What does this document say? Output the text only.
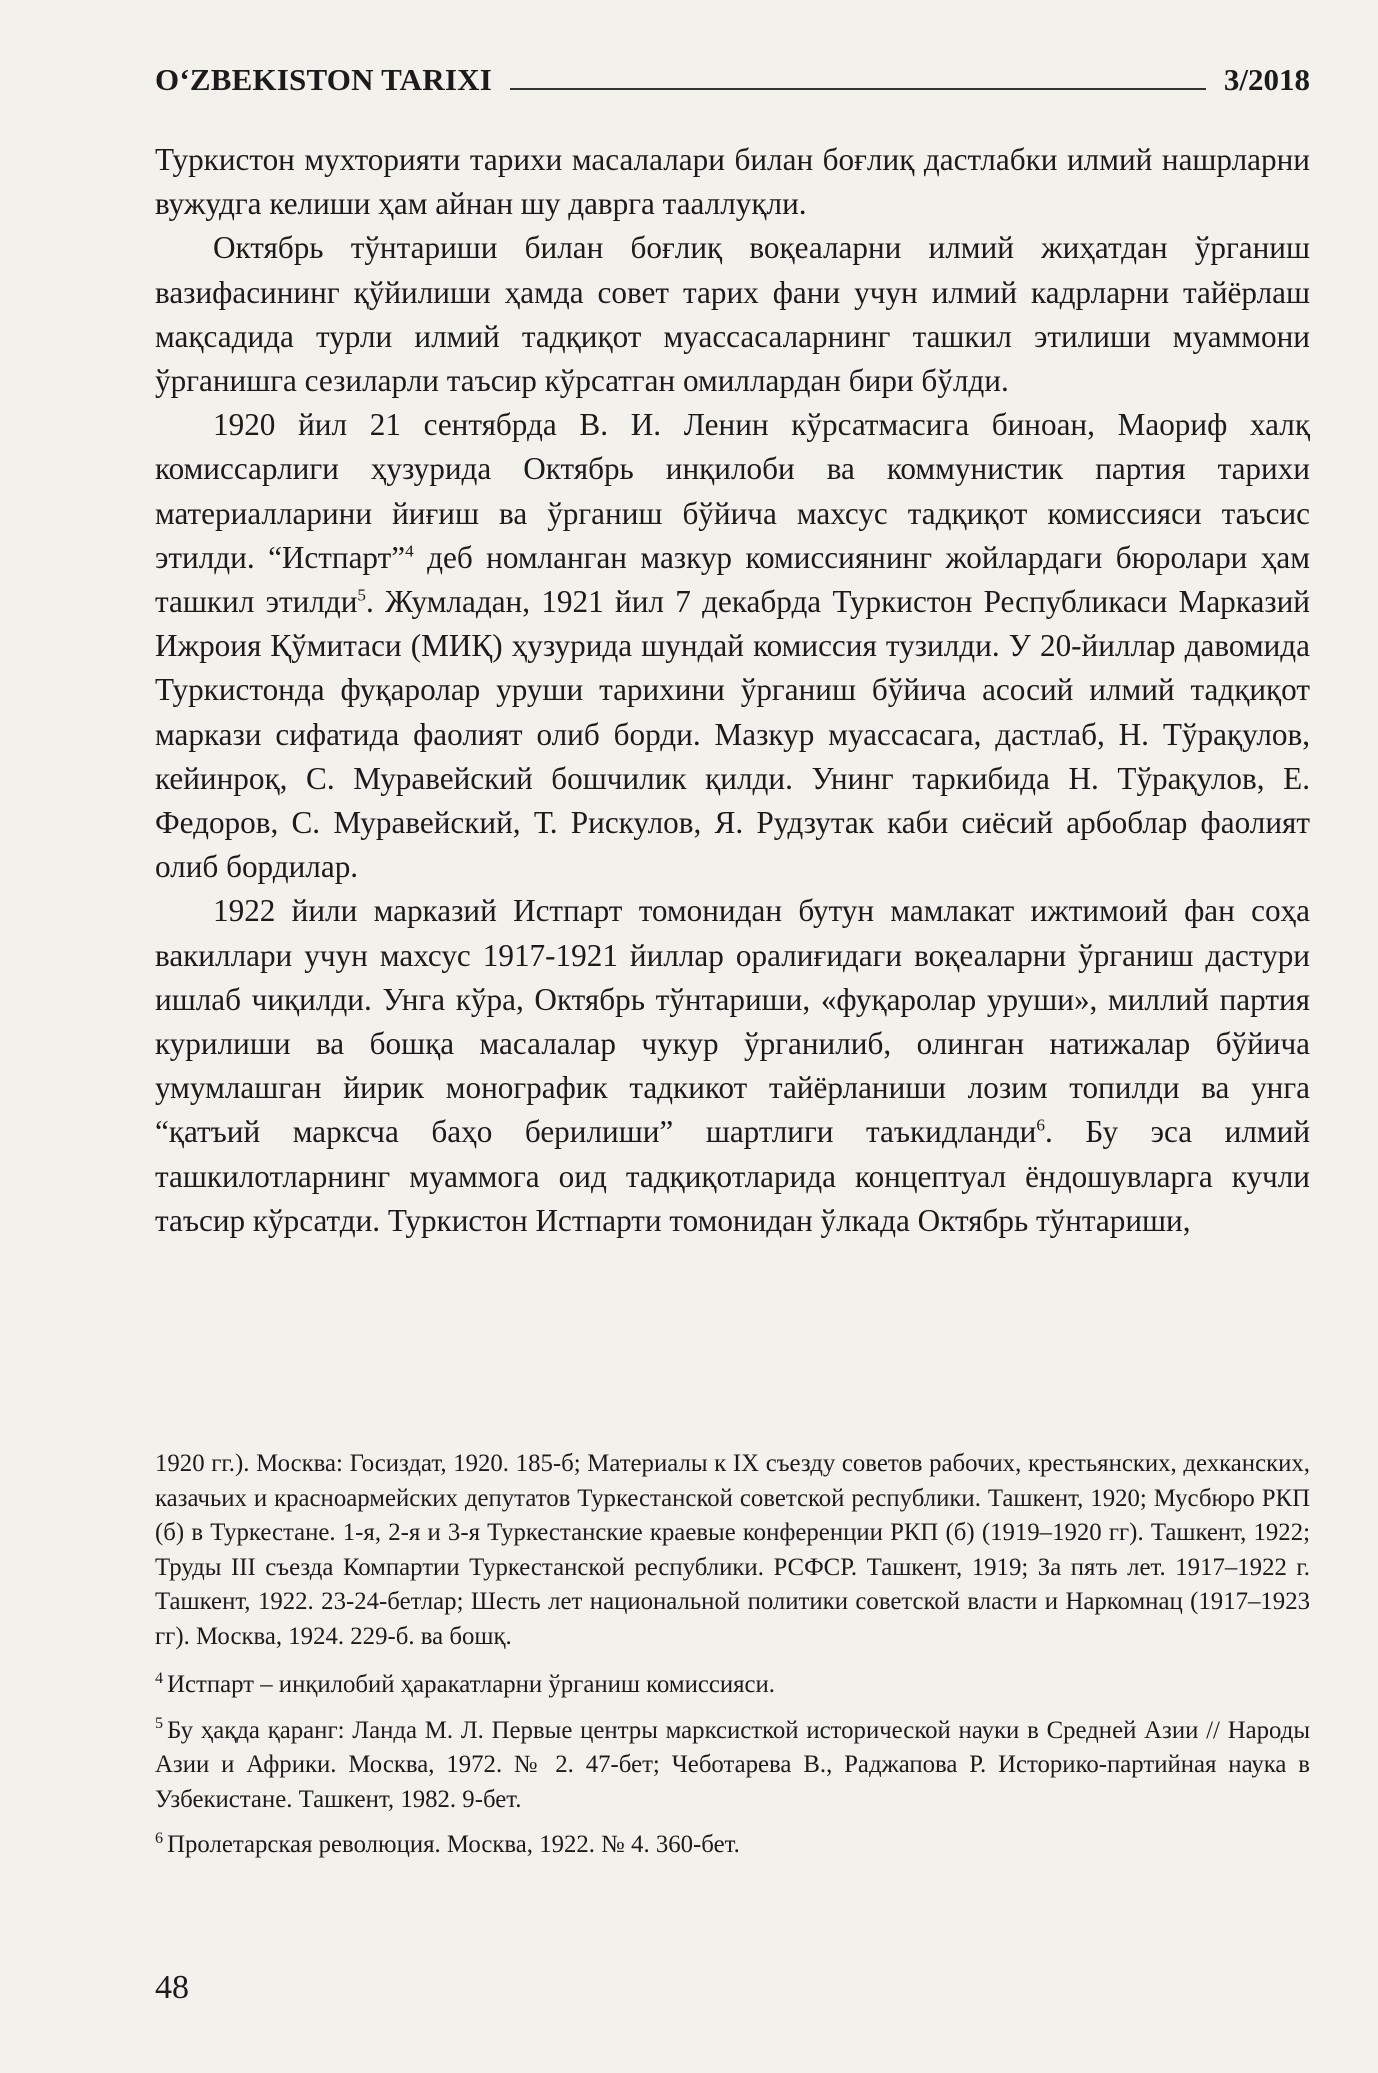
O‘ZBEKISTON TARIXI	3/2018

Туркистон мухторияти тарихи масалалари билан боғлиқ дастлабки илмий нашрларни вужудга келиши ҳам айнан шу даврга тааллуқли.

Октябрь тўнтариши билан боғлиқ воқеаларни илмий жиҳатдан ўрганиш вазифасининг қўйилиши ҳамда совет тарих фани учун илмий кадрларни тайёрлаш мақсадида турли илмий тадқиқот муассасаларнинг ташкил этилиши муаммони ўрганишга сезиларли таъсир кўрсатган омиллардан бири бўлди.

1920 йил 21 сентябрда В. И. Ленин кўрсатмасига биноан, Маориф халқ комиссарлиги ҳузурида Октябрь инқилоби ва коммунистик партия тарихи материалларини йиғиш ва ўрганиш бўйича махсус тадқиқот комиссияси таъсис этилди. “Истпарт”$^4$ деб номланган мазкур комиссиянинг жойлардаги бюролари ҳам ташкил этилди$^5$. Жумладан, 1921 йил 7 декабрда Туркистон Республикаси Марказий Ижроия Қўмитаси (МИҚ) ҳузурида шундай комиссия тузилди. У 20-йиллар давомида Туркистонда фуқаролар уруши тарихини ўрганиш бўйича асосий илмий тадқиқот маркази сифатида фаолият олиб борди. Мазкур муассасага, дастлаб, Н. Тўрақулов, кейинроқ, С. Муравейский бошчилик қилди. Унинг таркибида Н. Тўрақулов, Е. Федоров, С. Муравейский, Т. Рискулов, Я. Рудзутак каби сиёсий арбоблар фаолият олиб бордилар.

1922 йили марказий Истпарт томонидан бутун мамлакат ижтимоий фан соҳа вакиллари учун махсус 1917-1921 йиллар оралиғидаги воқеаларни ўрганиш дастури ишлаб чиқилди. Унга кўра, Октябрь тўнтариши, «фуқаролар уруши», миллий партия курилиши ва бошқа масалалар чукур ўрганилиб, олинган натижалар бўйича умумлашган йирик монографик тадкикот тайёрланиши лозим топилди ва унга “қатъий марксча баҳо берилиши” шартлиги таъкидланди$^6$. Бу эса илмий ташкилотларнинг муаммога оид тадқиқотларида концептуал ёндошувларга кучли таъсир кўрсатди. Туркистон Истпарти томонидан ўлкада Октябрь тўнтариши,

1920 гг.). Москва: Госиздат, 1920. 185-б; Материалы к IX съезду советов рабочих, крестьянских, дехканских, казачьих и красноармейских депутатов Туркестанской советской республики. Ташкент, 1920; Мусбюро РКП (б) в Туркестане. 1-я, 2-я и 3-я Туркестанские краевые конференции РКП (б) (1919–1920 гг). Ташкент, 1922; Труды III съезда Компартии Туркестанской республики. РСФСР. Ташкент, 1919; За пять лет. 1917–1922 г. Ташкент, 1922. 23-24-бетлар; Шесть лет национальной политики советской власти и Наркомнац (1917–1923 гг). Москва, 1924. 229-б. ва бошқ.

$^4$ Истпарт – инқилобий ҳаракатларни ўрганиш комиссияси.

$^5$ Бу ҳақда қаранг: Ланда М. Л. Первые центры марксисткой исторической науки в Средней Азии // Народы Азии и Африки. Москва, 1972. № 2. 47-бет; Чеботарева В., Раджапова Р. Историко-партийная наука в Узбекистане. Ташкент, 1982. 9-бет.

$^6$ Пролетарская революция. Москва, 1922. № 4. 360-бет.

48
